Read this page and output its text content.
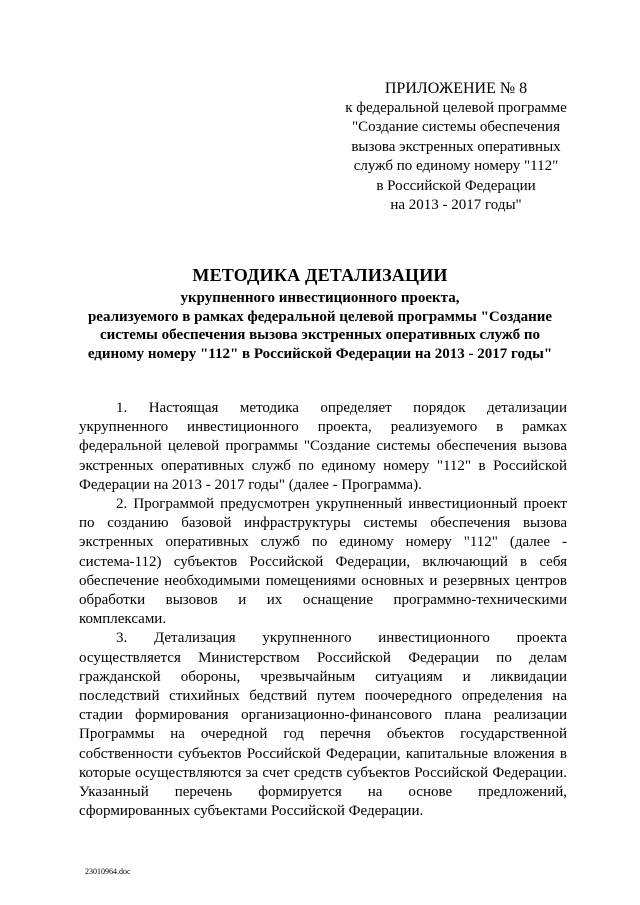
ПРИЛОЖЕНИЕ № 8
к федеральной целевой программе
"Создание системы обеспечения
вызова экстренных оперативных
служб по единому номеру "112"
в Российской Федерации
на 2013 - 2017 годы"
МЕТОДИКА ДЕТАЛИЗАЦИИ
укрупненного инвестиционного проекта,
реализуемого в рамках федеральной целевой программы "Создание
системы обеспечения вызова экстренных оперативных служб по
единому номеру "112" в Российской Федерации на 2013 - 2017 годы"

1. Настоящая методика определяет порядок детализации укрупненного инвестиционного проекта, реализуемого в рамках федеральной целевой программы "Создание системы обеспечения вызова экстренных оперативных служб по единому номеру "112" в Российской Федерации на 2013 - 2017 годы" (далее - Программа).

2. Программой предусмотрен укрупненный инвестиционный проект по созданию базовой инфраструктуры системы обеспечения вызова экстренных оперативных служб по единому номеру "112" (далее - система-112) субъектов Российской Федерации, включающий в себя обеспечение необходимыми помещениями основных и резервных центров обработки вызовов и их оснащение программно-техническими комплексами.

3. Детализация укрупненного инвестиционного проекта осуществляется Министерством Российской Федерации по делам гражданской обороны, чрезвычайным ситуациям и ликвидации последствий стихийных бедствий путем поочередного определения на стадии формирования организационно-финансового плана реализации Программы на очередной год перечня объектов государственной собственности субъектов Российской Федерации, капитальные вложения в которые осуществляются за счет средств субъектов Российской Федерации. Указанный перечень формируется на основе предложений, сформированных субъектами Российской Федерации.

23010964.doc
